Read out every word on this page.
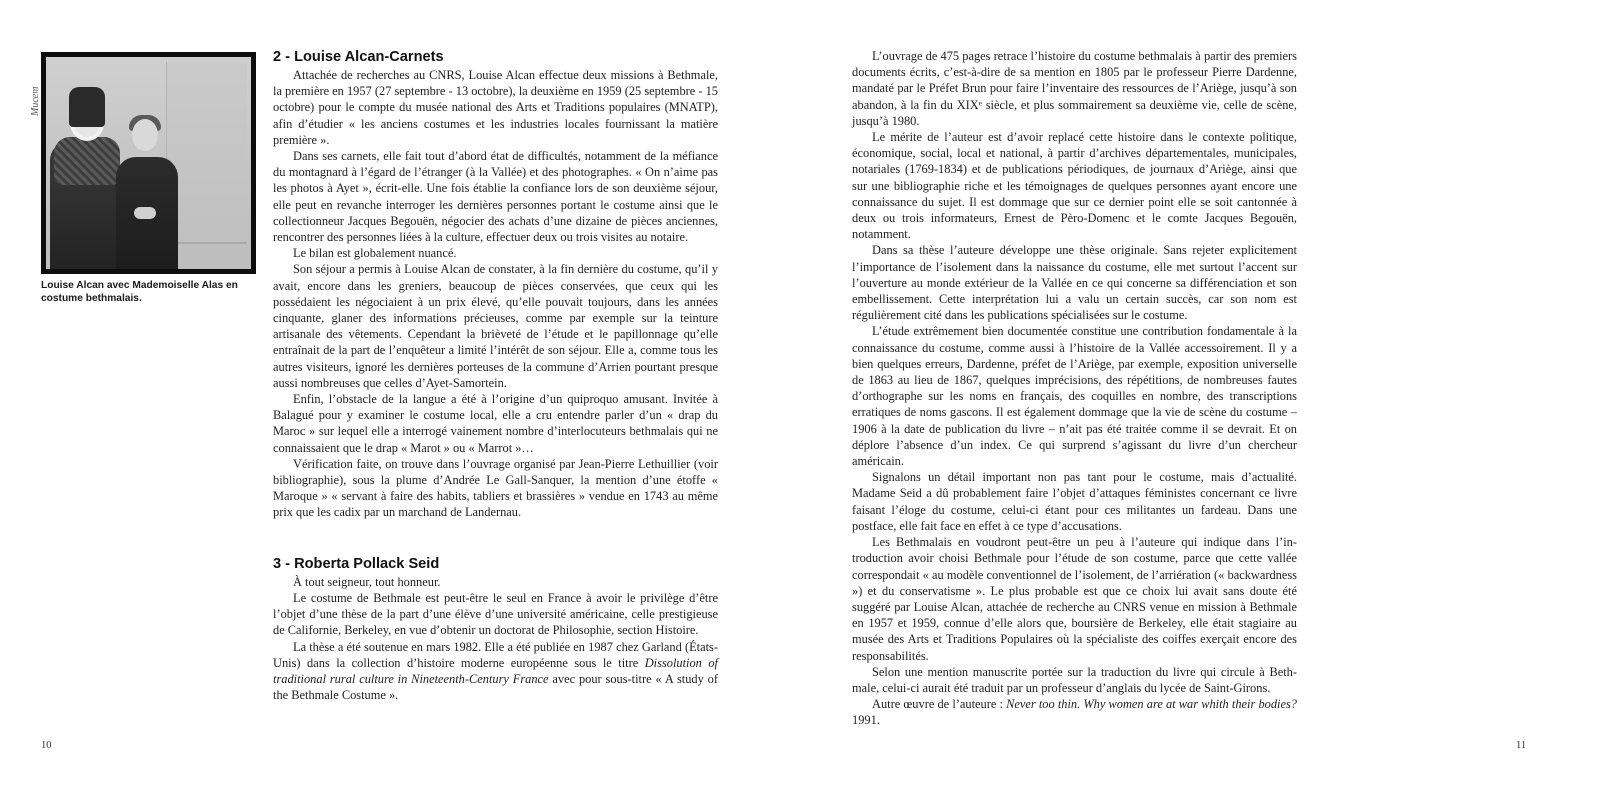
Mucem
Louise Alcan avec Mademoiselle Alas en costume bethmalais.
2 - Louise Alcan-Carnets

Attachée de recherches au CNRS, Louise Alcan effectue deux missions à Bethmale, la première en 1957 (27 septembre - 13 octobre), la deuxième en 1959 (25 septembre - 15 octobre) pour le compte du musée national des Arts et Traditions populaires (MNATP), afin d’étudier « les anciens costumes et les industries locales fournissant la matière première ».

Dans ses carnets, elle fait tout d’abord état de difficultés, notamment de la méfiance du montagnard à l’égard de l’étranger (à la Vallée) et des photographes. « On n’aime pas les photos à Ayet », écrit-elle. Une fois établie la confiance lors de son deuxième séjour, elle peut en revanche interroger les dernières personnes portant le costume ainsi que le collectionneur Jacques Begouën, négocier des achats d’une dizaine de pièces anciennes, rencontrer des personnes liées à la culture, effectuer deux ou trois visites au notaire.

Le bilan est globalement nuancé.

Son séjour a permis à Louise Alcan de constater, à la fin dernière du costume, qu’il y avait, encore dans les greniers, beaucoup de pièces conservées, que ceux qui les possédaient les négociaient à un prix élevé, qu’elle pouvait toujours, dans les années cinquante, glaner des informations précieuses, comme par exemple sur la teinture artisanale des vêtements. Cependant la brièveté de l’étude et le papillonnage qu’elle entraînait de la part de l’enquêteur a limité l’intérêt de son séjour. Elle a, comme tous les autres visiteurs, ignoré les dernières porteuses de la commune d’Arrien pourtant presque aussi nombreuses que celles d’Ayet-Samortein.

Enfin, l’obstacle de la langue a été à l’origine d’un quiproquo amusant. Invitée à Balagué pour y examiner le costume local, elle a cru entendre parler d’un « drap du Maroc » sur lequel elle a interrogé vainement nombre d’interlocuteurs bethmalais qui ne connaissaient que le drap « Marot » ou « Marrot »…

Vérification faite, on trouve dans l’ouvrage organisé par Jean-Pierre Lethuillier (voir bibliographie), sous la plume d’Andrée Le Gall-Sanquer, la mention d’une étoffe « Maroque » « servant à faire des habits, tabliers et brassières » vendue en 1743 au même prix que les cadix par un marchand de Landernau.

3 - Roberta Pollack Seid

À tout seigneur, tout honneur.

Le costume de Bethmale est peut-être le seul en France à avoir le privilège d’être l’objet d’une thèse de la part d’une élève d’une université américaine, celle prestigieuse de Californie, Berkeley, en vue d’obtenir un doctorat de Philosophie, section Histoire.

La thèse a été soutenue en mars 1982. Elle a été publiée en 1987 chez Garland (États-Unis) dans la collection d’histoire moderne européenne sous le titre Dissolution of traditional rural culture in Nineteenth-Century France avec pour sous-titre « A study of the Bethmale Costume ».

10	11

L’ouvrage de 475 pages retrace l’histoire du costume bethmalais à partir des premiers documents écrits, c’est-à-dire de sa mention en 1805 par le professeur Pierre Dardenne, mandaté par le Préfet Brun pour faire l’inventaire des ressources de l’Ariège, jusqu’à son abandon, à la fin du XIXᵉ siècle, et plus sommairement sa deuxième vie, celle de scène, jusqu’à 1980.

Le mérite de l’auteur est d’avoir replacé cette histoire dans le contexte politique, économique, social, local et national, à partir d’archives départementales, municipales, notariales (1769-1834) et de publications périodiques, de journaux d’Ariège, ainsi que sur une bibliographie riche et les témoignages de quelques personnes ayant encore une connaissance du sujet. Il est dommage que sur ce dernier point elle se soit cantonnée à deux ou trois informateurs, Ernest de Pèro-Domenc et le comte Jacques Begouën, notamment.

Dans sa thèse l’auteure développe une thèse originale. Sans rejeter explicitement l’importance de l’isolement dans la naissance du costume, elle met surtout l’accent sur l’ouverture au monde extérieur de la Vallée en ce qui concerne sa différenciation et son embellissement. Cette interprétation lui a valu un certain succès, car son nom est régulièrement cité dans les publications spécialisées sur le costume.

L’étude extrêmement bien documentée constitue une contribution fondamentale à la connaissance du costume, comme aussi à l’histoire de la Vallée accessoirement. Il y a bien quelques erreurs, Dardenne, préfet de l’Ariège, par exemple, exposition universelle de 1863 au lieu de 1867, quelques imprécisions, des répétitions, de nombreuses fautes d’orthographe sur les noms en français, des coquilles en nombre, des transcriptions erratiques de noms gascons. Il est également dommage que la vie de scène du costume – 1906 à la date de publication du livre – n’ait pas été traitée comme il se devrait. Et on déplore l’absence d’un index. Ce qui surprend s’agissant du livre d’un chercheur américain.

Signalons un détail important non pas tant pour le costume, mais d’actualité. Madame Seid a dû probablement faire l’objet d’attaques féministes concernant ce livre faisant l’éloge du costume, celui-ci étant pour ces militantes un fardeau. Dans une postface, elle fait face en effet à ce type d’accusations.

Les Bethmalais en voudront peut-être un peu à l’auteure qui indique dans l’introduction avoir choisi Bethmale pour l’étude de son costume, parce que cette vallée correspondait « au modèle conventionnel de l’isolement, de l’arriération (« backwardness ») et du conservatisme ». Le plus probable est que ce choix lui avait sans doute été suggéré par Louise Alcan, attachée de recherche au CNRS venue en mission à Bethmale en 1957 et 1959, connue d’elle alors que, boursière de Berkeley, elle était stagiaire au musée des Arts et Traditions Populaires où la spécialiste des coiffes exerçait encore des responsabilités.

Selon une mention manuscrite portée sur la traduction du livre qui circule à Bethmale, celui-ci aurait été traduit par un professeur d’anglais du lycée de Saint-Girons.

Autre œuvre de l’auteure : Never too thin. Why women are at war whith their bodies? 1991.
